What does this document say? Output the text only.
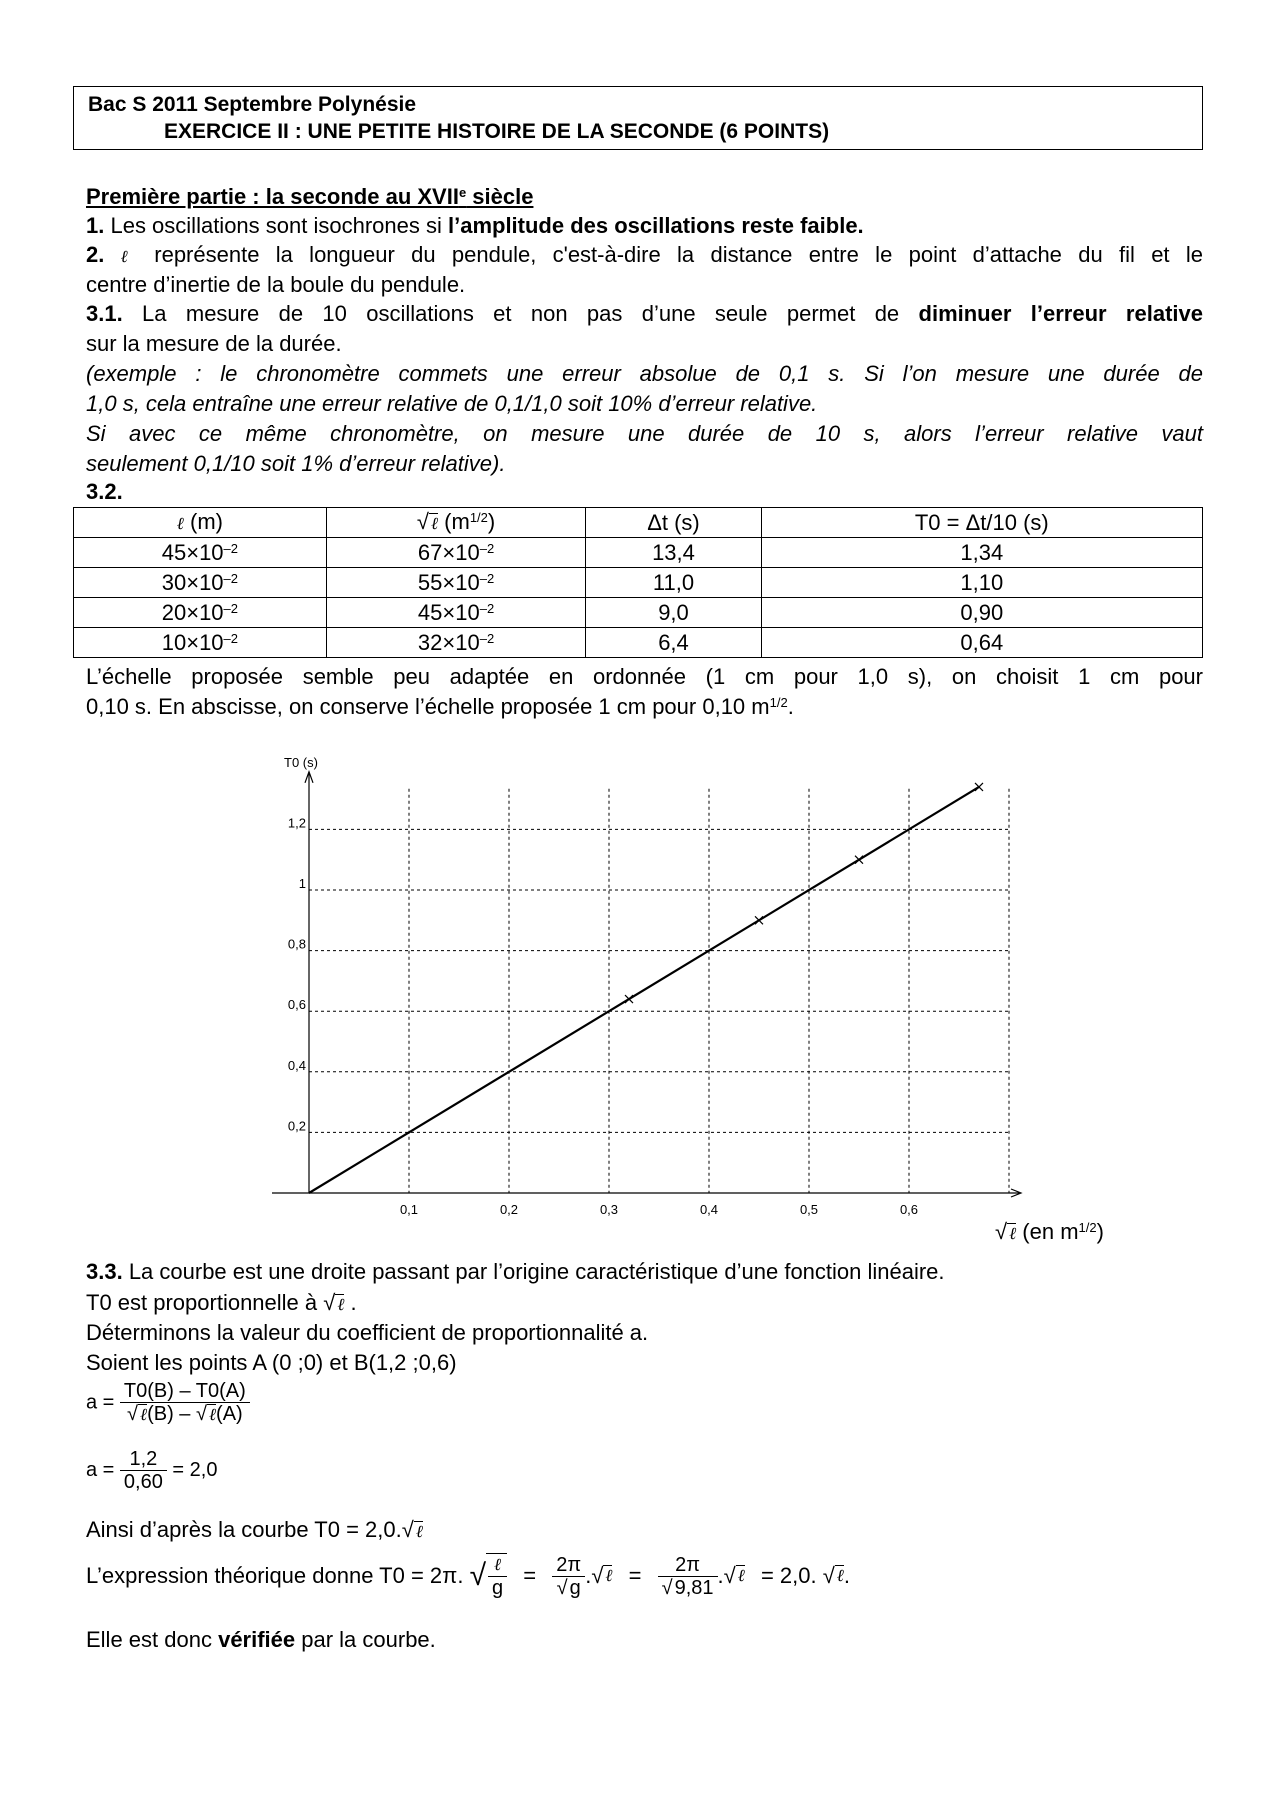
Bac S 2011 Septembre Polynésie
EXERCICE II : UNE PETITE HISTOIRE DE LA SECONDE (6 POINTS)
Première partie : la seconde au XVIIe siècle
1. Les oscillations sont isochrones si l’amplitude des oscillations reste faible.
2. ℓ représente la longueur du pendule, c'est-à-dire la distance entre le point d’attache du fil et le
centre d’inertie de la boule du pendule.
3.1. La mesure de 10 oscillations et non pas d’une seule permet de diminuer l’erreur relative
sur la mesure de la durée.
(exemple : le chronomètre commets une erreur absolue de 0,1 s. Si l’on mesure une durée de
1,0 s, cela entraîne une erreur relative de 0,1/1,0 soit 10% d’erreur relative.
Si avec ce même chronomètre, on mesure une durée de 10 s, alors l’erreur relative vaut
seulement 0,1/10 soit 1% d’erreur relative).
3.2.
ℓ (m)	√ ℓ $(m^{1/2})$	Δt (s)	T0 = Δt/10 (s)
$45\times 10^{-2}$	$67\times 10^{-2}$	13,4	1,34
$30\times 10^{-2}$	$55\times 10^{-2}$	11,0	1,10
$20\times 10^{-2}$	$45\times 10^{-2}$	9,0	0,90
$10\times 10^{-2}$	$32\times 10^{-2}$	6,4	0,64
L’échelle proposée semble peu adaptée en ordonnée (1 cm pour 1,0 s), on choisit 1 cm pour
0,10 s. En abscisse, on conserve l’échelle proposée 1 cm pour 0,10 $m^{1/2}$.
0,1	0,2	0,3	0,4	0,5	0,6
0,2
0,4
0,6
0,8
1
1,2
T0 (s)
√ ℓ (en $m^{1/2}$)
3.3. La courbe est une droite passant par l’origine caractéristique d’une fonction linéaire.
T0 est proportionnelle à √ ℓ .
Déterminons la valeur du coefficient de proportionnalité a.
Soient les points A (0 ;0) et B(1,2 ;0,6)
$a = \frac{T0(B) - T0(A)}{\text{√ ℓ(B) – √ ℓ(A)}}$
$a = \frac{1,2}{0,60} = 2,0$
Ainsi d’après la courbe T0 = 2,0.√ ℓ
L’expression théorique donne T0 = 2π. √ $\frac{\text{ℓ}}{g} = \frac{2\pi}{√ g}$ .√ ℓ = $\frac{2\pi}{√ 9,81}$ .√ ℓ = 2,0. √ ℓ.
Elle est donc vérifiée par la courbe.
